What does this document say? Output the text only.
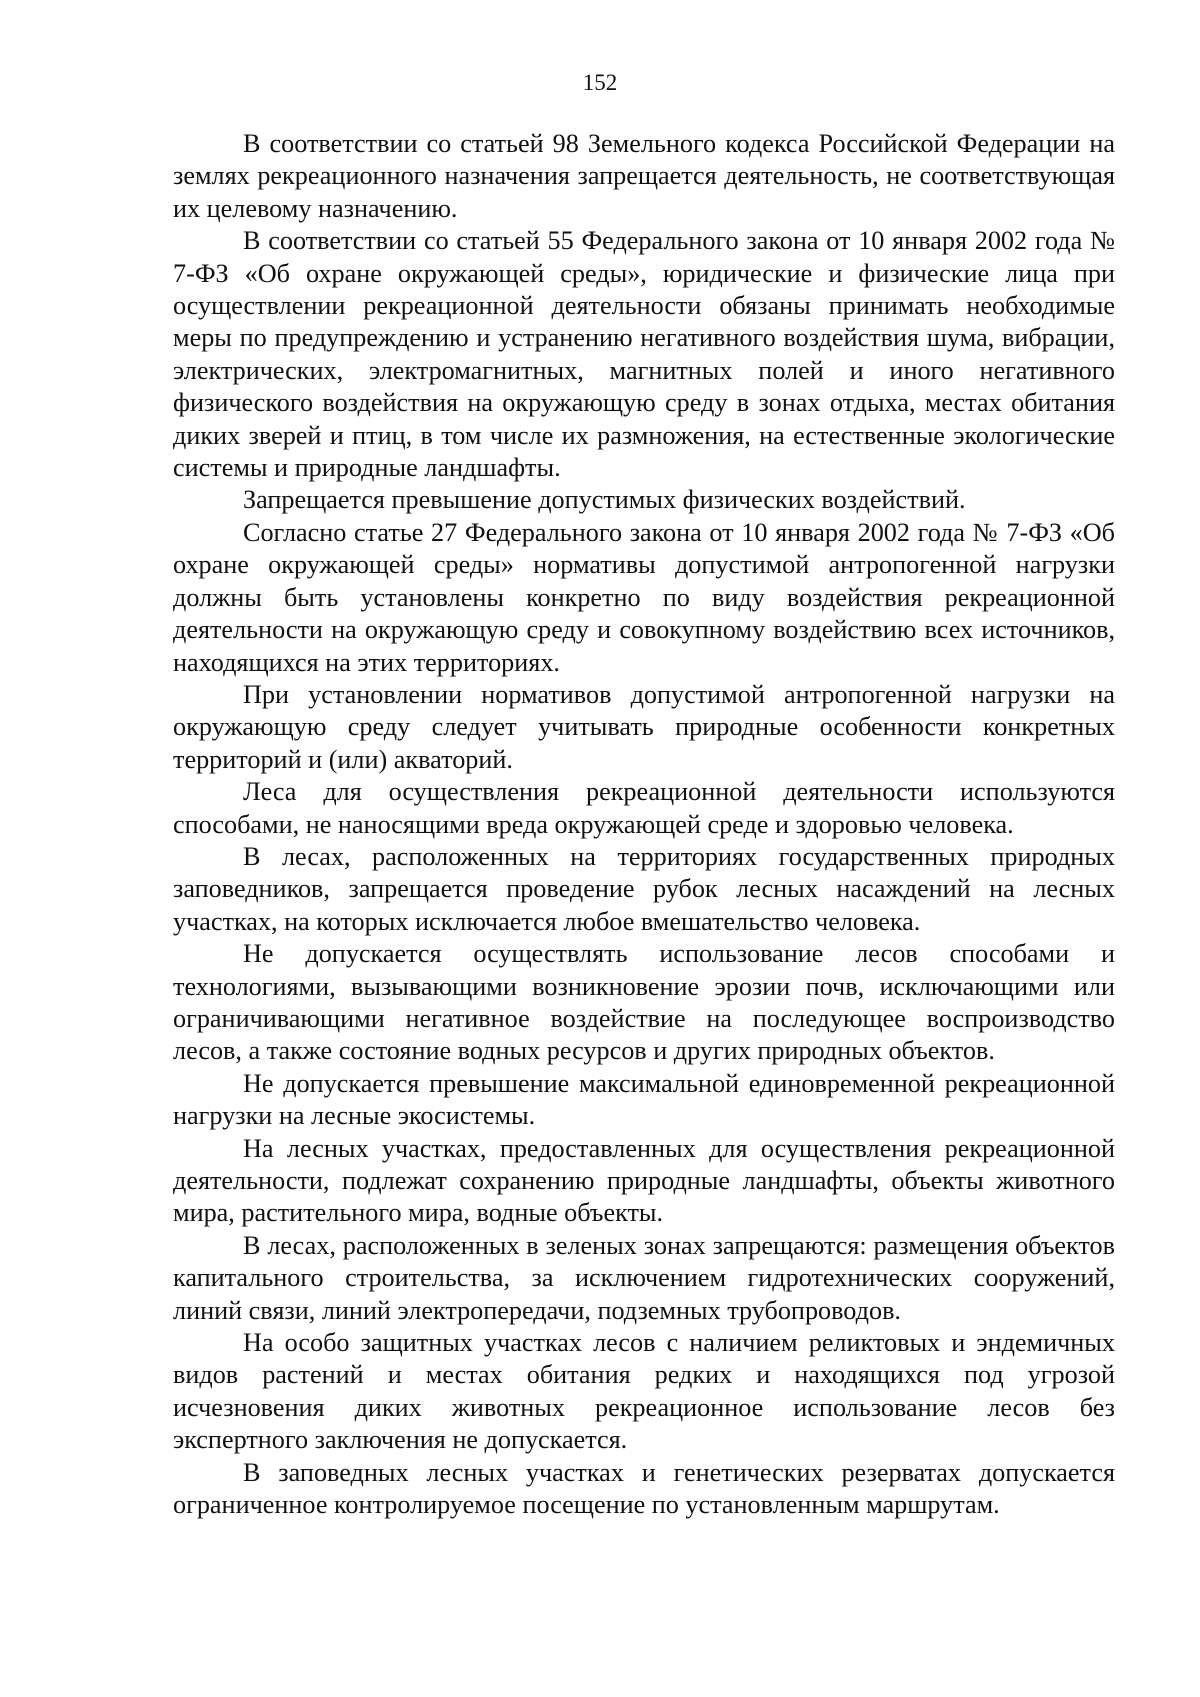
152

В соответствии со статьей 98 Земельного кодекса Российской Федерации на землях рекреационного назначения запрещается деятельность, не соответствующая их целевому назначению.

В соответствии со статьей 55 Федерального закона от 10 января 2002 года № 7-ФЗ «Об охране окружающей среды», юридические и физические лица при осуществлении рекреационной деятельности обязаны принимать необходимые меры по предупреждению и устранению негативного воздействия шума, вибрации, электрических, электромагнитных, магнитных полей и иного негативного физического воздействия на окружающую среду в зонах отдыха, местах обитания диких зверей и птиц, в том числе их размножения, на естественные экологические системы и природные ландшафты.

Запрещается превышение допустимых физических воздействий.

Согласно статье 27 Федерального закона от 10 января 2002 года № 7-ФЗ «Об охране окружающей среды» нормативы допустимой антропогенной нагрузки должны быть установлены конкретно по виду воздействия рекреационной деятельности на окружающую среду и совокупному воздействию всех источников, находящихся на этих территориях.

При установлении нормативов допустимой антропогенной нагрузки на окружающую среду следует учитывать природные особенности конкретных территорий и (или) акваторий.

Леса для осуществления рекреационной деятельности используются способами, не наносящими вреда окружающей среде и здоровью человека.

В лесах, расположенных на территориях государственных природных заповедников, запрещается проведение рубок лесных насаждений на лесных участках, на которых исключается любое вмешательство человека.

Не допускается осуществлять использование лесов способами и технологиями, вызывающими возникновение эрозии почв, исключающими или ограничивающими негативное воздействие на последующее воспроизводство лесов, а также состояние водных ресурсов и других природных объектов.

Не допускается превышение максимальной единовременной рекреационной нагрузки на лесные экосистемы.

На лесных участках, предоставленных для осуществления рекреационной деятельности, подлежат сохранению природные ландшафты, объекты животного мира, растительного мира, водные объекты.

В лесах, расположенных в зеленых зонах запрещаются: размещения объектов капитального строительства, за исключением гидротехнических сооружений, линий связи, линий электропередачи, подземных трубопроводов.

На особо защитных участках лесов с наличием реликтовых и эндемичных видов растений и местах обитания редких и находящихся под угрозой исчезновения диких животных рекреационное использование лесов без экспертного заключения не допускается.

В заповедных лесных участках и генетических резерватах допускается ограниченное контролируемое посещение по установленным маршрутам.
